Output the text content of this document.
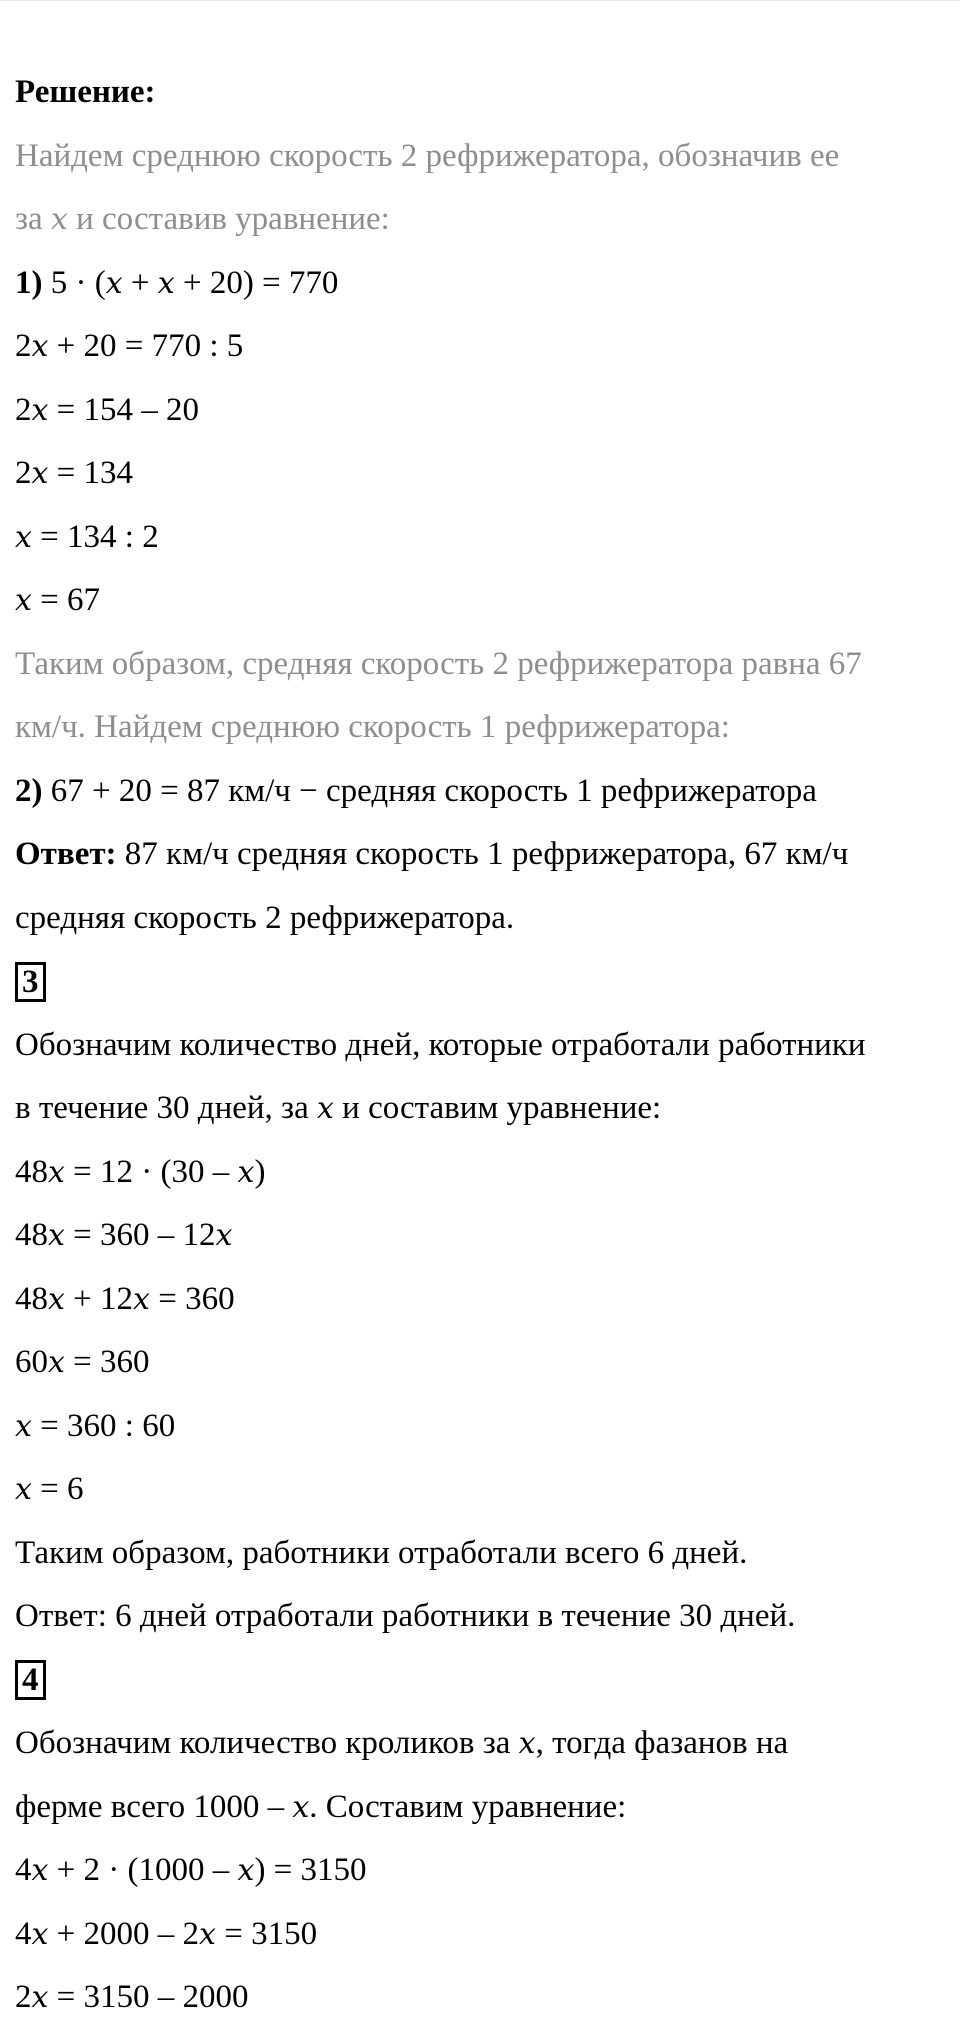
Решение:
Найдем среднюю скорость 2 рефрижератора, обозначив ее
за x и составив уравнение:
1) 5 · (x + x + 20) = 770
2x + 20 = 770 : 5
2x = 154 – 20
2x = 134
x = 134 : 2
x = 67
Таким образом, средняя скорость 2 рефрижератора равна 67
км/ч. Найдем среднюю скорость 1 рефрижератора:
2) 67 + 20 = 87 км/ч − средняя скорость 1 рефрижератора
Ответ: 87 км/ч средняя скорость 1 рефрижератора, 67 км/ч
средняя скорость 2 рефрижератора.
3
Обозначим количество дней, которые отработали работники
в течение 30 дней, за x и составим уравнение:
48x = 12 · (30 – x)
48x = 360 – 12x
48x + 12x = 360
60x = 360
x = 360 : 60
x = 6
Таким образом, работники отработали всего 6 дней.
Ответ: 6 дней отработали работники в течение 30 дней.
4
Обозначим количество кроликов за x, тогда фазанов на
ферме всего 1000 – x. Составим уравнение:
4x + 2 · (1000 – x) = 3150
4x + 2000 – 2x = 3150
2x = 3150 – 2000
